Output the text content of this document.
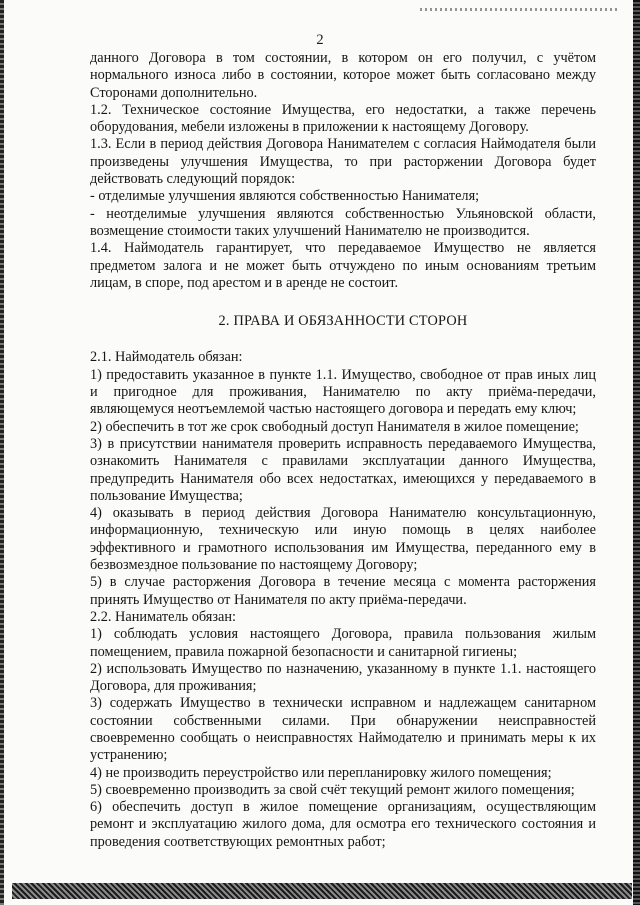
2

данного Договора в том состоянии, в котором он его получил, с учётом нормального износа либо в состоянии, которое может быть согласовано между Сторонами дополнительно.

1.2. Техническое состояние Имущества, его недостатки, а также перечень оборудования, мебели изложены в приложении к настоящему Договору.

1.3. Если в период действия Договора Нанимателем с согласия Наймодателя были произведены улучшения Имущества, то при расторжении Договора будет действовать следующий порядок:

- отделимые улучшения являются собственностью Нанимателя;

- неотделимые улучшения являются собственностью Ульяновской области, возмещение стоимости таких улучшений Нанимателю не производится.

1.4. Наймодатель гарантирует, что передаваемое Имущество не является предметом залога и не может быть отчуждено по иным основаниям третьим лицам, в споре, под арестом и в аренде не состоит.

2. ПРАВА И ОБЯЗАННОСТИ СТОРОН

2.1. Наймодатель обязан:

1) предоставить указанное в пункте 1.1. Имущество, свободное от прав иных лиц и пригодное для проживания, Нанимателю по акту приёма-передачи, являющемуся неотъемлемой частью настоящего договора и передать ему ключ;

2) обеспечить в тот же срок свободный доступ Нанимателя в жилое помещение;

3) в присутствии нанимателя проверить исправность передаваемого Имущества, ознакомить Нанимателя с правилами эксплуатации данного Имущества, предупредить Нанимателя обо всех недостатках, имеющихся у передаваемого в пользование Имущества;

4) оказывать в период действия Договора Нанимателю консультационную, информационную, техническую или иную помощь в целях наиболее эффективного и грамотного использования им Имущества, переданного ему в безвозмездное пользование по настоящему Договору;

5) в случае расторжения Договора в течение месяца с момента расторжения принять Имущество от Нанимателя по акту приёма-передачи.

2.2. Наниматель обязан:

1) соблюдать условия настоящего Договора, правила пользования жилым помещением, правила пожарной безопасности и санитарной гигиены;

2) использовать Имущество по назначению, указанному в пункте 1.1. настоящего Договора, для проживания;

3) содержать Имущество в технически исправном и надлежащем санитарном состоянии собственными силами. При обнаружении неисправностей своевременно сообщать о неисправностях Наймодателю и принимать меры к их устранению;

4) не производить переустройство или перепланировку жилого помещения;

5) своевременно производить за свой счёт текущий ремонт жилого помещения;

6) обеспечить доступ в жилое помещение организациям, осуществляющим ремонт и эксплуатацию жилого дома, для осмотра его технического состояния и проведения соответствующих ремонтных работ;
